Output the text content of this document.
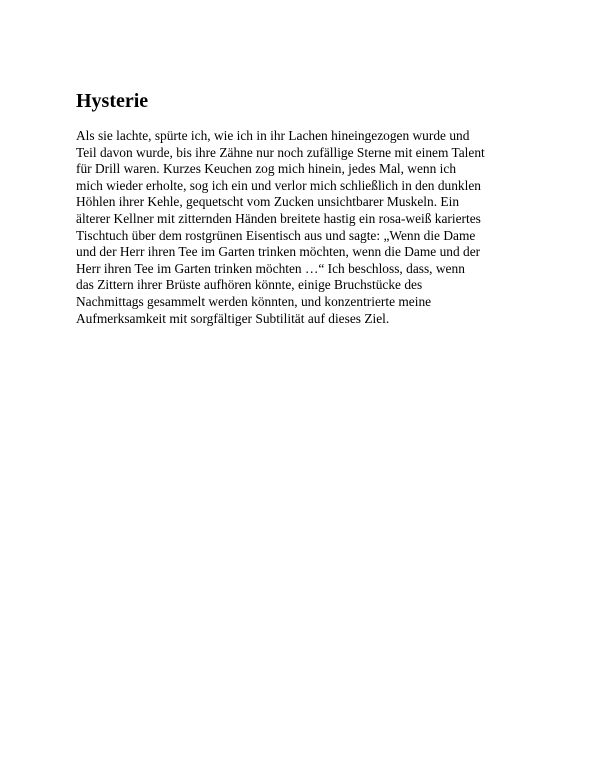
Hysterie

Als sie lachte, spürte ich, wie ich in ihr Lachen hineingezogen wurde und
Teil davon wurde, bis ihre Zähne nur noch zufällige Sterne mit einem Talent
für Drill waren. Kurzes Keuchen zog mich hinein, jedes Mal, wenn ich
mich wieder erholte, sog ich ein und verlor mich schließlich in den dunklen
Höhlen ihrer Kehle, gequetscht vom Zucken unsichtbarer Muskeln. Ein
älterer Kellner mit zitternden Händen breitete hastig ein rosa-weiß kariertes
Tischtuch über dem rostgrünen Eisentisch aus und sagte: „Wenn die Dame
und der Herr ihren Tee im Garten trinken möchten, wenn die Dame und der
Herr ihren Tee im Garten trinken möchten …“ Ich beschloss, dass, wenn
das Zittern ihrer Brüste aufhören könnte, einige Bruchstücke des
Nachmittags gesammelt werden könnten, und konzentrierte meine
Aufmerksamkeit mit sorgfältiger Subtilität auf dieses Ziel.
